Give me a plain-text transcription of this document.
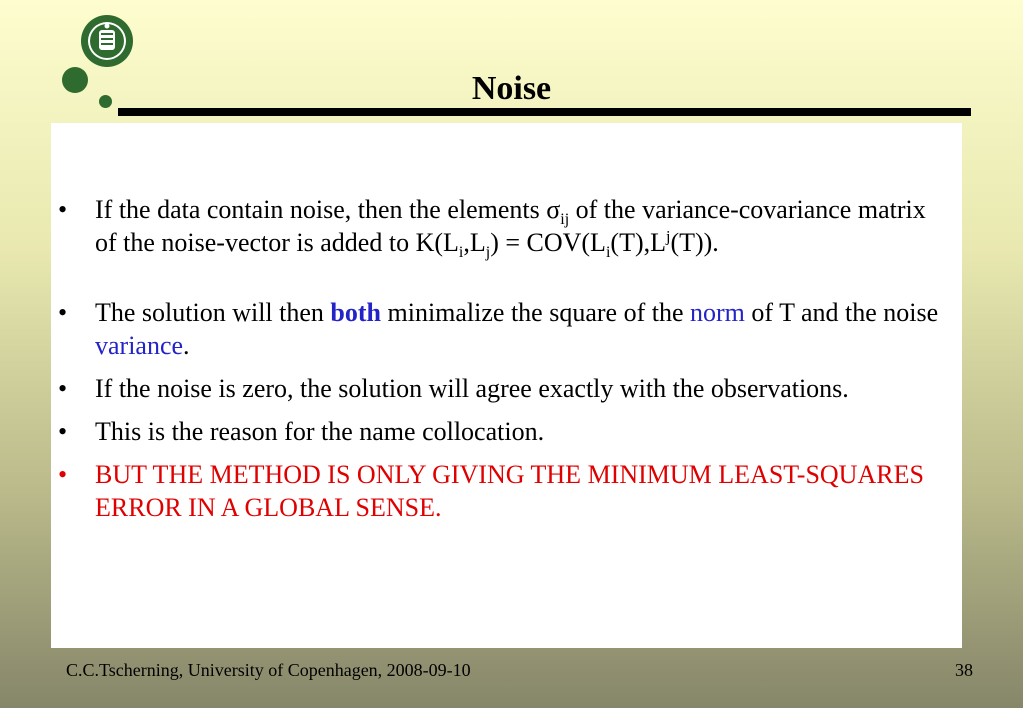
Noise
• If the data contain noise, then the elements $\sigma_{ij}$ of the variance-covariance matrix of the noise-vector is added to $K(L_i,L_j) = COV(L_i(T),L^j(T))$.
• The solution will then both minimalize the square of the norm of T and the noise variance.
• If the noise is zero, the solution will agree exactly with the observations.
• This is the reason for the name collocation.
• BUT THE METHOD IS ONLY GIVING THE MINIMUM LEAST-SQUARES ERROR IN A GLOBAL SENSE.
C.C.Tscherning, University of Copenhagen, 2008-09-10	38
